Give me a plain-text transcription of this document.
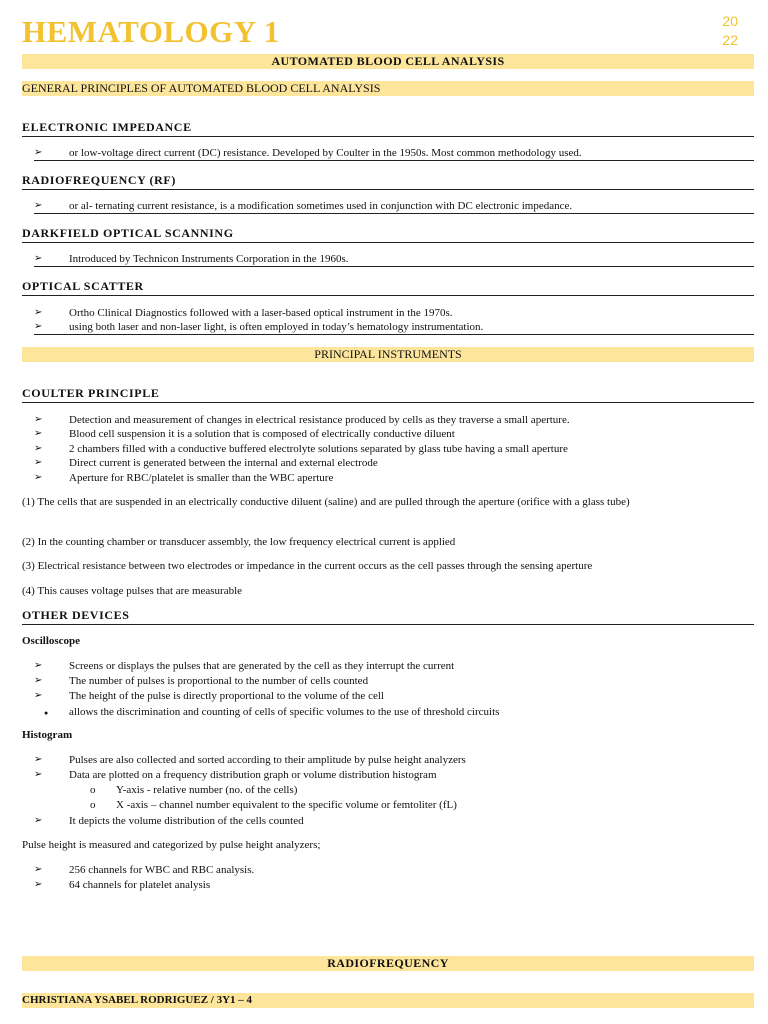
HEMATOLOGY 1	20
22
AUTOMATED BLOOD CELL ANALYSIS
GENERAL PRINCIPLES OF AUTOMATED BLOOD CELL ANALYSIS
ELECTRONIC IMPEDANCE
➢
or low-voltage direct current (DC) resistance. Developed by Coulter in the 1950s. Most common methodology used.
RADIOFREQUENCY (RF)
➢
or al- ternating current resistance, is a modification sometimes used in conjunction with DC electronic impedance.
DARKFIELD OPTICAL SCANNING
➢
Introduced by Technicon Instruments Corporation in the 1960s.
OPTICAL SCATTER
➢
Ortho Clinical Diagnostics followed with a laser-based optical instrument in the 1970s.
➢
using both laser and non-laser light, is often employed in today’s hematology instrumentation.
PRINCIPAL INSTRUMENTS
COULTER PRINCIPLE
➢
Detection and measurement of changes in electrical resistance produced by cells as they traverse a small aperture.
➢
Blood cell suspension it is a solution that is composed of electrically conductive diluent
➢
2 chambers filled with a conductive buffered electrolyte solutions separated by glass tube having a small aperture
➢
Direct current is generated between the internal and external electrode
➢
Aperture for RBC/platelet is smaller than the WBC aperture
(1) The cells that are suspended in an electrically conductive diluent (saline) and are pulled through the aperture (orifice with a glass tube)
(2) In the counting chamber or transducer assembly, the low frequency electrical current is applied
(3) Electrical resistance between two electrodes or impedance in the current occurs as the cell passes through the sensing aperture
(4) This causes voltage pulses that are measurable
OTHER DEVICES
Oscilloscope
➢
Screens or displays the pulses that are generated by the cell as they interrupt the current
➢
The number of pulses is proportional to the number of cells counted
➢
The height of the pulse is directly proportional to the volume of the cell
●
allows the discrimination and counting of cells of specific volumes to the use of threshold circuits
Histogram
➢
Pulses are also collected and sorted according to their amplitude by pulse height analyzers
➢
Data are plotted on a frequency distribution graph or volume distribution histogram
o
Y-axis - relative number (no. of the cells)
o
X -axis – channel number equivalent to the specific volume or femtoliter (fL)
➢
It depicts the volume distribution of the cells counted
Pulse height is measured and categorized by pulse height analyzers;
➢
256 channels for WBC and RBC analysis.
➢
64 channels for platelet analysis
RADIOFREQUENCY
CHRISTIANA YSABEL RODRIGUEZ / 3Y1 – 4
